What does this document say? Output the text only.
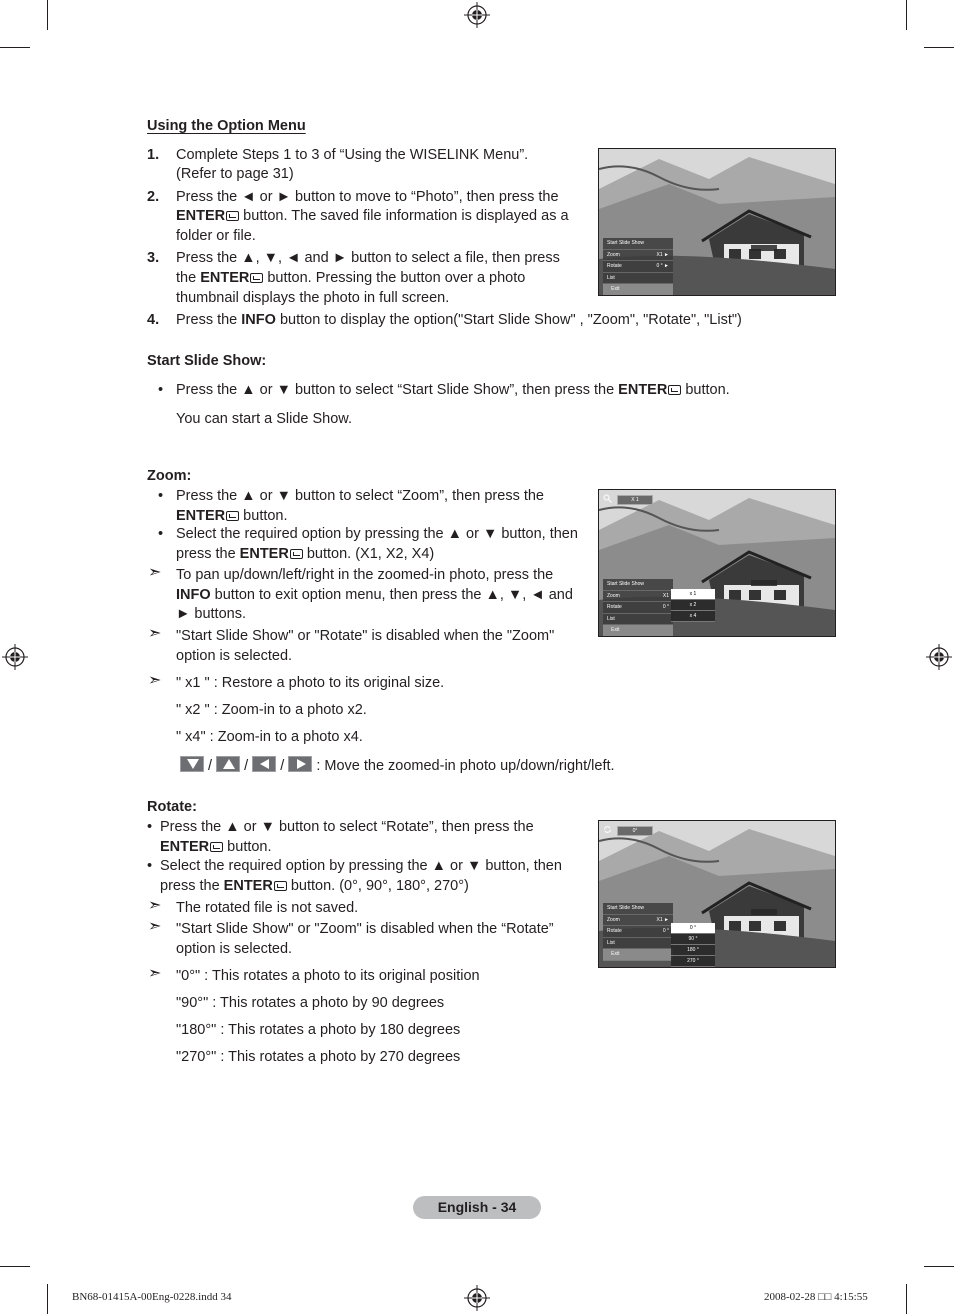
Using the Option Menu
1. Complete Steps 1 to 3 of “Using the WISELINK Menu”.
(Refer to page 31)
2. Press the ◄ or ► button to move to “Photo”, then press the
ENTER button. The saved file information is displayed as a
folder or file.
3. Press the ▲, ▼, ◄ and ► button to select a file, then press
the ENTER button. Pressing the button over a photo
thumbnail displays the photo in full screen.
4. Press the INFO button to display the option("Start Slide Show" , "Zoom", "Rotate", "List")
Start Slide Show:
• Press the ▲ or ▼ button to select “Start Slide Show”, then press the ENTER button.
You can start a Slide Show.
Zoom:
• Press the ▲ or ▼ button to select “Zoom”, then press the
ENTER button.
• Select the required option by pressing the ▲ or ▼ button, then
press the ENTER button. (X1, X2, X4)
➣ To pan up/down/left/right in the zoomed-in photo, press the
INFO button to exit option menu, then press the ▲, ▼, ◄ and
► buttons.
➣ "Start Slide Show" or "Rotate" is disabled when the "Zoom"
option is selected.
➣ " x1 " : Restore a photo to its original size.
" x2 " : Zoom-in to a photo x2.
" x4" : Zoom-in to a photo x4.
/ / / : Move the zoomed-in photo up/down/right/left.
Rotate:
• Press the ▲ or ▼ button to select “Rotate”, then press the
ENTER button.
• Select the required option by pressing the ▲ or ▼ button, then
press the ENTER button. (0°, 90°, 180°, 270°)
➣ The rotated file is not saved.
➣ "Start Slide Show" or "Zoom" is disabled when the “Rotate”
option is selected.
➣ "0°" : This rotates a photo to its original position
"90°" : This rotates a photo by 90 degrees
"180°" : This rotates a photo by 180 degrees
"270°" : This rotates a photo by 270 degrees
Start Slide Show
Zoom	X1 ►
Rotate	0 ° ►
List
Exit
X 1
Start Slide Show
Zoom	X1
Rotate	0 °
List
Exit
x 1
x 2
x 4
0°
Start Slide Show
Zoom	X1 ►
Rotate	0 °
List
Exit
0 °
90 °
180 °
270 °
English - 34
BN68-01415A-00Eng-0228.indd 34	2008-02-28 □□ 4:15:55
